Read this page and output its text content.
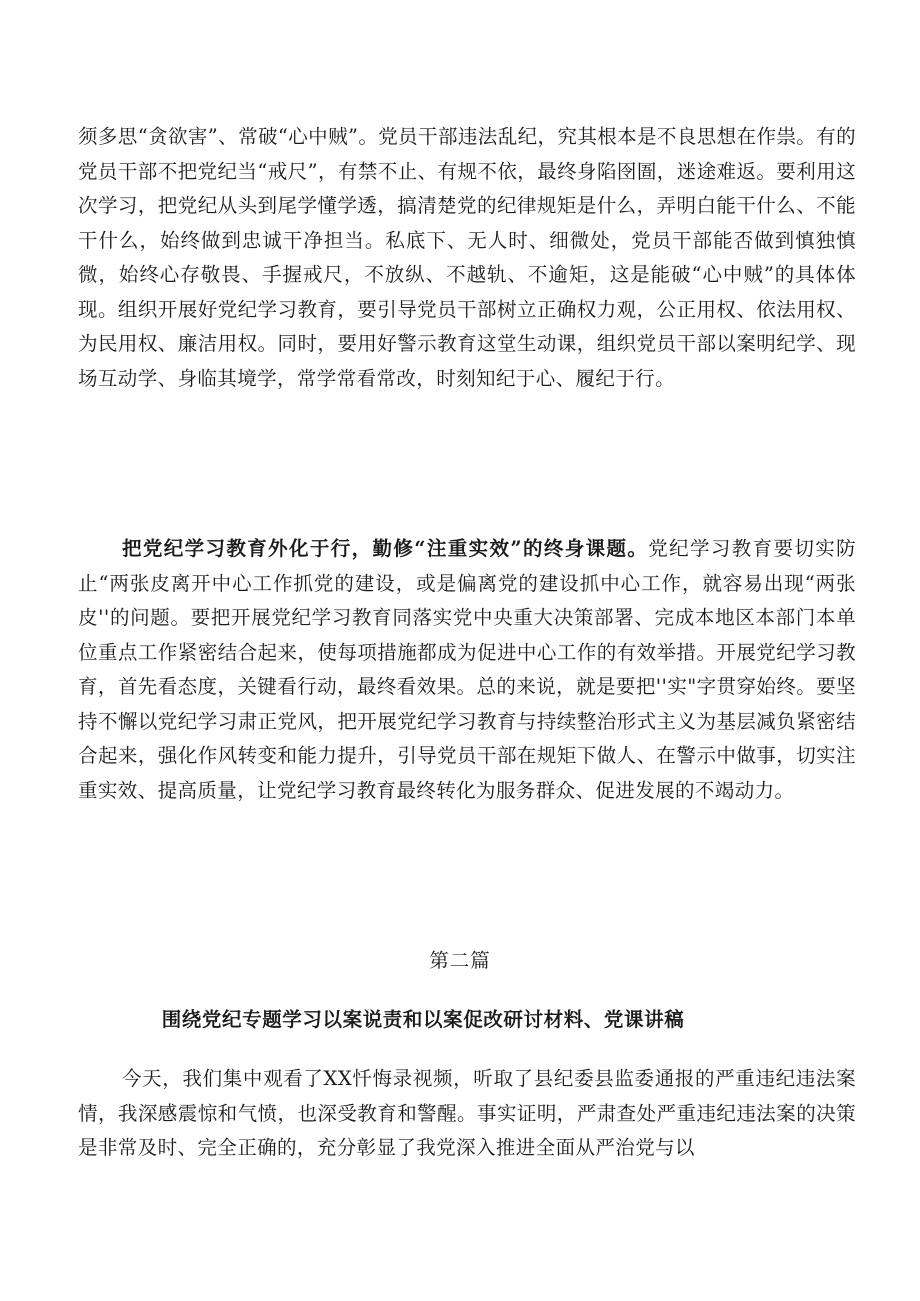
须多思“贪欲害”、常破“心中贼”。党员干部违法乱纪，究其根本是不良思想在作祟。有的党员干部不把党纪当“戒尺”，有禁不止、有规不依，最终身陷囹圄，迷途难返。要利用这次学习，把党纪从头到尾学懂学透，搞清楚党的纪律规矩是什么，弄明白能干什么、不能干什么，始终做到忠诚干净担当。私底下、无人时、细微处，党员干部能否做到慎独慎微，始终心存敬畏、手握戒尺，不放纵、不越轨、不逾矩，这是能破“心中贼”的具体体现。组织开展好党纪学习教育，要引导党员干部树立正确权力观，公正用权、依法用权、为民用权、廉洁用权。同时，要用好警示教育这堂生动课，组织党员干部以案明纪学、现场互动学、身临其境学，常学常看常改，时刻知纪于心、履纪于行。

把党纪学习教育外化于行，勤修“注重实效”的终身课题。党纪学习教育要切实防止“两张皮离开中心工作抓党的建设，或是偏离党的建设抓中心工作，就容易出现“两张皮''的问题。要把开展党纪学习教育同落实党中央重大决策部署、完成本地区本部门本单位重点工作紧密结合起来，使每项措施都成为促进中心工作的有效举措。开展党纪学习教育，首先看态度，关键看行动，最终看效果。总的来说，就是要把''实"字贯穿始终。要坚持不懈以党纪学习肃正党风，把开展党纪学习教育与持续整治形式主义为基层减负紧密结合起来，强化作风转变和能力提升，引导党员干部在规矩下做人、在警示中做事，切实注重实效、提高质量，让党纪学习教育最终转化为服务群众、促进发展的不竭动力。

第二篇
围绕党纪专题学习以案说责和以案促改研讨材料、党课讲稿

今天，我们集中观看了XX忏悔录视频，听取了县纪委县监委通报的严重违纪违法案情，我深感震惊和气愤，也深受教育和警醒。事实证明，严肃查处严重违纪违法案的决策是非常及时、完全正确的，充分彰显了我党深入推进全面从严治党与以
